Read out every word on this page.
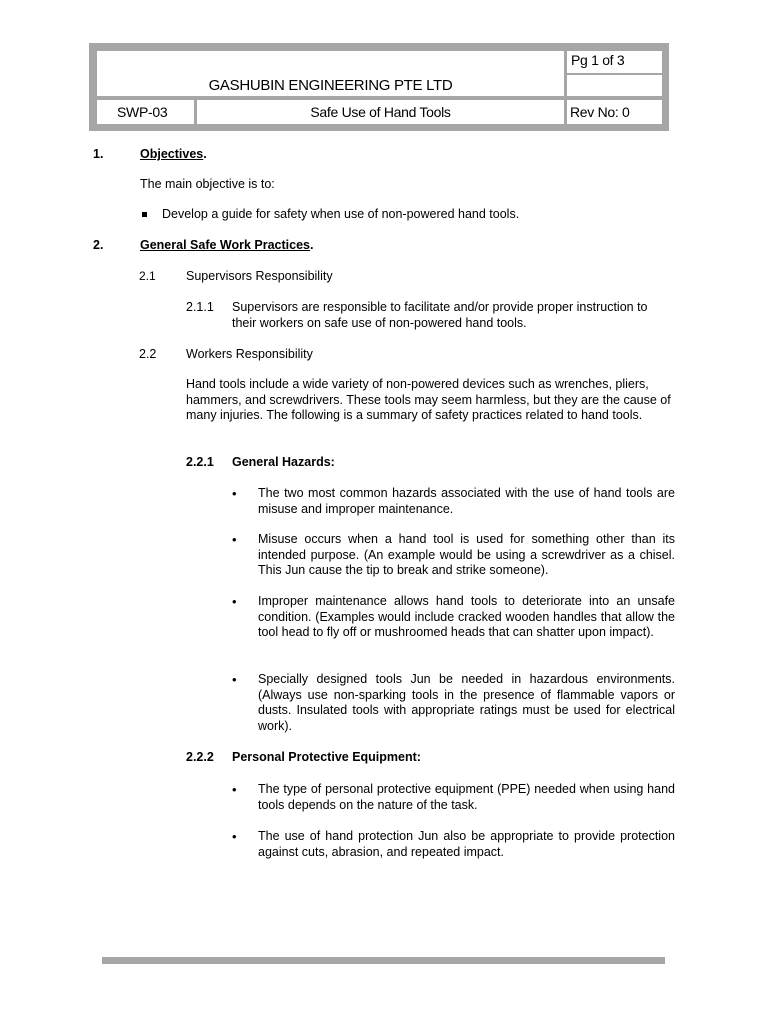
GASHUBIN ENGINEERING PTE LTD
Pg 1 of 3
SWP-03	Safe Use of Hand Tools	Rev No: 0
1.	Objectives.
The main objective is to:
Develop a guide for safety when use of non-powered hand tools.
2.	General Safe Work Practices.
2.1 Supervisors Responsibility
2.1.1 Supervisors are responsible to facilitate and/or provide proper instruction to their workers on safe use of non-powered hand tools.
2.2 Workers Responsibility
Hand tools include a wide variety of non-powered devices such as wrenches, pliers, hammers, and screwdrivers. These tools may seem harmless, but they are the cause of many injuries. The following is a summary of safety practices related to hand tools.
2.2.1 General Hazards:
• The two most common hazards associated with the use of hand tools are misuse and improper maintenance.
• Misuse occurs when a hand tool is used for something other than its intended purpose. (An example would be using a screwdriver as a chisel. This Jun cause the tip to break and strike someone).
• Improper maintenance allows hand tools to deteriorate into an unsafe condition. (Examples would include cracked wooden handles that allow the tool head to fly off or mushroomed heads that can shatter upon impact).
• Specially designed tools Jun be needed in hazardous environments. (Always use non-sparking tools in the presence of flammable vapors or dusts. Insulated tools with appropriate ratings must be used for electrical work).
2.2.2 Personal Protective Equipment:
• The type of personal protective equipment (PPE) needed when using hand tools depends on the nature of the task.
• The use of hand protection Jun also be appropriate to provide protection against cuts, abrasion, and repeated impact.
